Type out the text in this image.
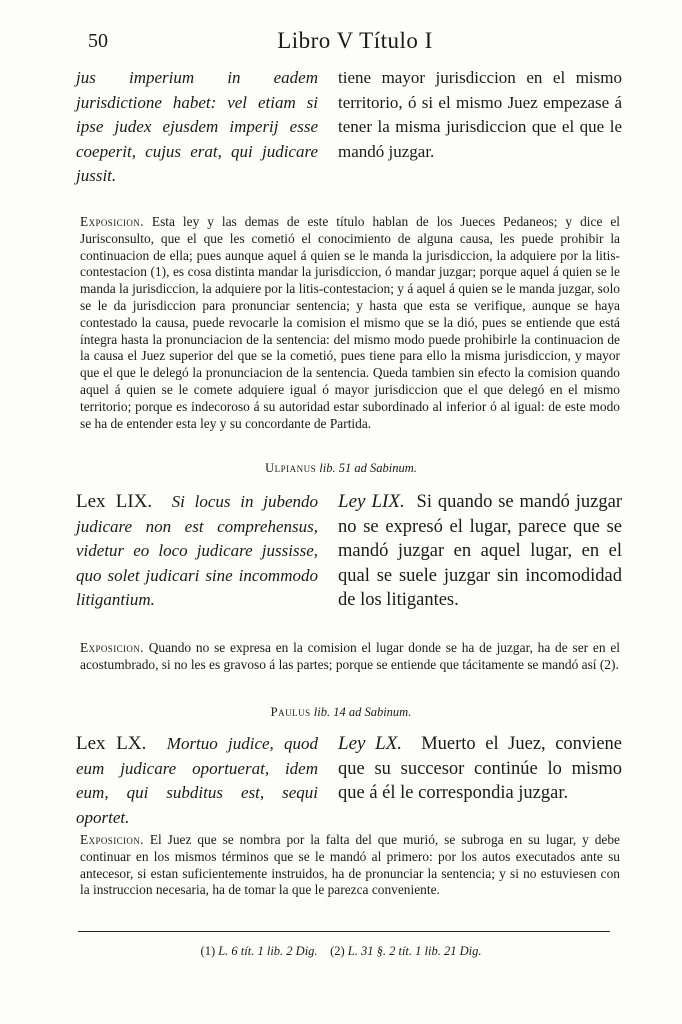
50	Libro V Título I
jus imperium in eadem jurisdictione habet: vel etiam si ipse judex ejusdem imperij esse coeperit, cujus erat, qui judicare jussit.
tiene mayor jurisdiccion en el mismo territorio, ó si el mismo Juez empezase á tener la misma jurisdiccion que el que le mandó juzgar.
Exposicion. Esta ley y las demas de este título hablan de los Jueces Pedaneos; y dice el Jurisconsulto, que el que les cometió el conocimiento de alguna causa, les puede prohibir la continuacion de ella; pues aunque aquel á quien se le manda la jurisdiccion, la adquiere por la litis-contestacion (1), es cosa distinta mandar la jurisdiccion, ó mandar juzgar; porque aquel á quien se le manda la jurisdiccion, la adquiere por la litis-contestacion; y á aquel á quien se le manda juzgar, solo se le da jurisdiccion para pronunciar sentencia; y hasta que esta se verifique, aunque se haya contestado la causa, puede revocarle la comision el mismo que se la dió, pues se entiende que está íntegra hasta la pronunciacion de la sentencia: del mismo modo puede prohibirle la continuacion de la causa el Juez superior del que se la cometió, pues tiene para ello la misma jurisdiccion, y mayor que el que le delegó la pronunciacion de la sentencia. Queda tambien sin efecto la comision quando aquel á quien se le comete adquiere igual ó mayor jurisdiccion que el que delegó en el mismo territorio; porque es indecoroso á su autoridad estar subordinado al inferior ó al igual: de este modo se ha de entender esta ley y su concordante de Partida.
Ulpianus lib. 51 ad Sabinum.
Lex LIX. Si locus in jubendo judicare non est comprehensus, videtur eo loco judicare jussisse, quo solet judicari sine incommodo litigantium.
Ley LIX. Si quando se mandó juzgar no se expresó el lugar, parece que se mandó juzgar en aquel lugar, en el qual se suele juzgar sin incomodidad de los litigantes.
Exposicion. Quando no se expresa en la comision el lugar donde se ha de juzgar, ha de ser en el acostumbrado, si no les es gravoso á las partes; porque se entiende que tácitamente se mandó así (2).
Paulus lib. 14 ad Sabinum.
Lex LX. Mortuo judice, quod eum judicare oportuerat, idem eum, qui subditus est, sequi oportet.
Ley LX. Muerto el Juez, conviene que su succesor continúe lo mismo que á él le correspondia juzgar.
Exposicion. El Juez que se nombra por la falta del que murió, se subroga en su lugar, y debe continuar en los mismos términos que se le mandó al primero: por los autos executados ante su antecesor, si estan suficientemente instruidos, ha de pronunciar la sentencia; y si no estuviesen con la instruccion necesaria, ha de tomar la que le parezca conveniente.
(1) L. 6 tít. 1 lib. 2 Dig. (2) L. 31 §. 2 tít. 1 lib. 21 Dig.
